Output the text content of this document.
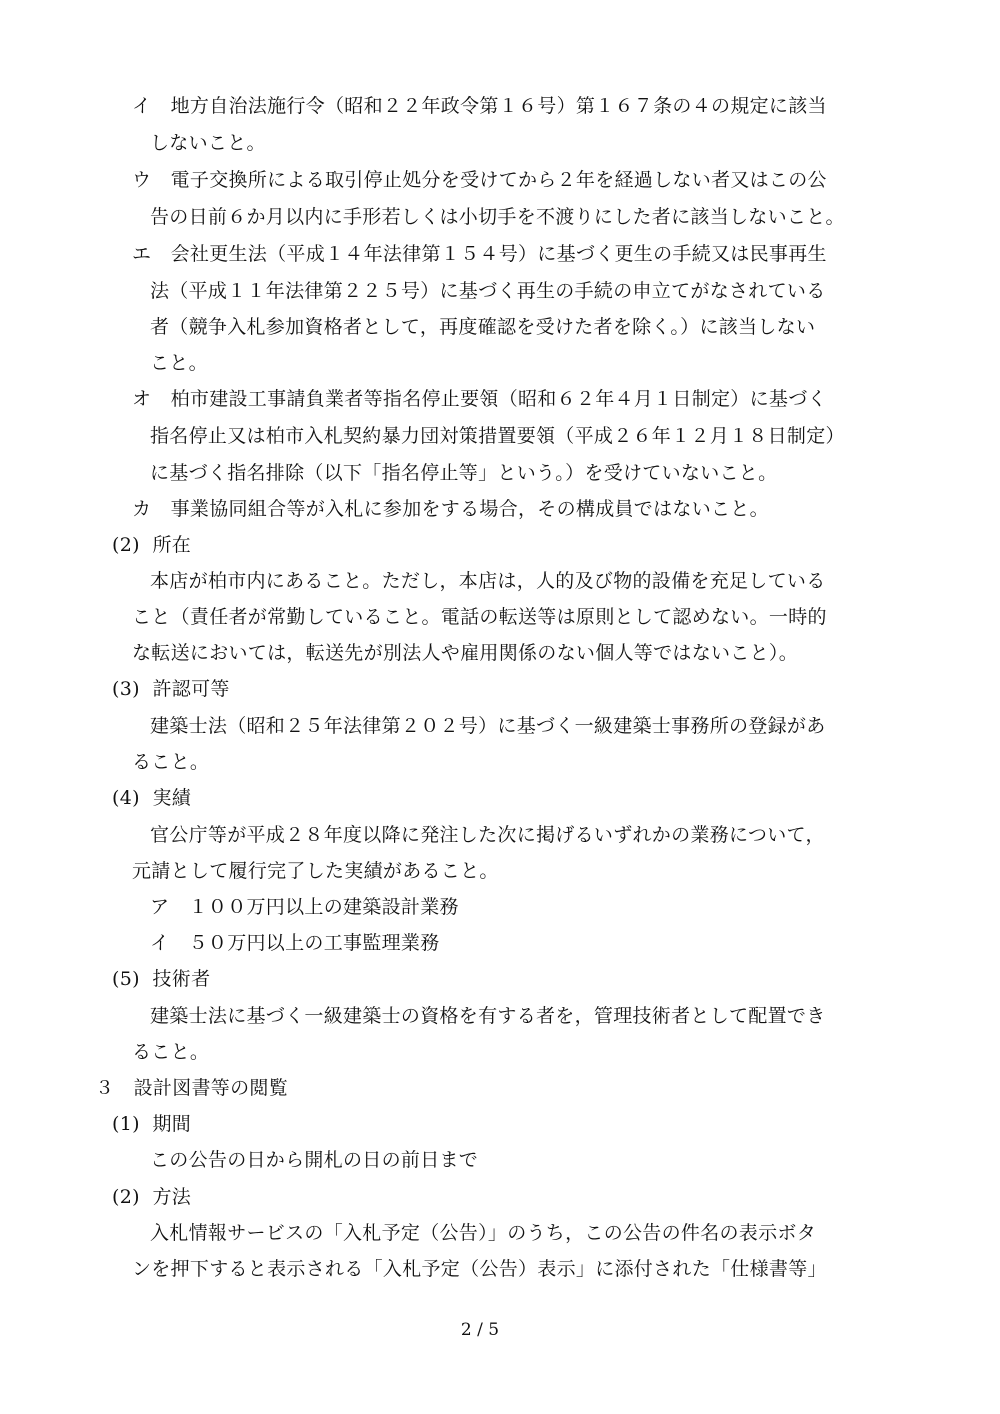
イ　地方自治法施行令（昭和２２年政令第１６号）第１６７条の４の規定に該当
しないこと。
ウ　電子交換所による取引停止処分を受けてから２年を経過しない者又はこの公
告の日前６か月以内に手形若しくは小切手を不渡りにした者に該当しないこと。
エ　会社更生法（平成１４年法律第１５４号）に基づく更生の手続又は民事再生
法（平成１１年法律第２２５号）に基づく再生の手続の申立てがなされている
者（競争入札参加資格者として，再度確認を受けた者を除く。）に該当しない
こと。
オ　柏市建設工事請負業者等指名停止要領（昭和６２年４月１日制定）に基づく
指名停止又は柏市入札契約暴力団対策措置要領（平成２６年１２月１８日制定）
に基づく指名排除（以下「指名停止等」という。）を受けていないこと。
カ　事業協同組合等が入札に参加をする場合，その構成員ではないこと。
(2)  所在
本店が柏市内にあること。ただし，本店は，人的及び物的設備を充足している
こと（責任者が常勤していること。電話の転送等は原則として認めない。一時的
な転送においては，転送先が別法人や雇用関係のない個人等ではないこと）。
(3)  許認可等
建築士法（昭和２５年法律第２０２号）に基づく一級建築士事務所の登録があ
ること。
(4)  実績
官公庁等が平成２８年度以降に発注した次に掲げるいずれかの業務について，
元請として履行完了した実績があること。
ア　１００万円以上の建築設計業務
イ　５０万円以上の工事監理業務
(5)  技術者
建築士法に基づく一級建築士の資格を有する者を，管理技術者として配置でき
ること。
３　設計図書等の閲覧
(1)  期間
この公告の日から開札の日の前日まで
(2)  方法
入札情報サービスの「入札予定（公告）」のうち，この公告の件名の表示ボタ
ンを押下すると表示される「入札予定（公告）表示」に添付された「仕様書等」
2 / 5
